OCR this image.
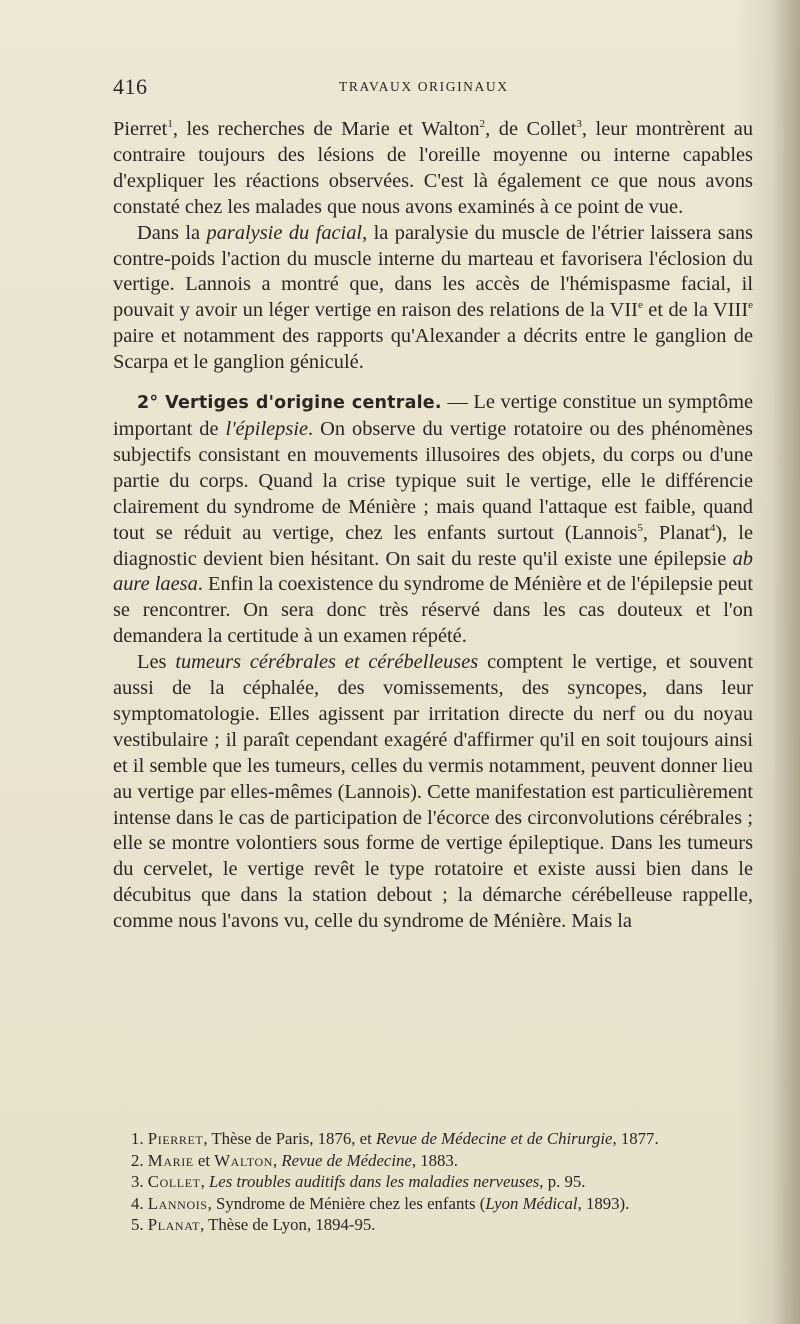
416	TRAVAUX ORIGINAUX

Pierret$^1$, les recherches de Marie et Walton$^2$, de Collet$^3$, leur montrèrent au contraire toujours des lésions de l'oreille moyenne ou interne capables d'expliquer les réactions observées. C'est là également ce que nous avons constaté chez les malades que nous avons examinés à ce point de vue.

Dans la paralysie du facial, la paralysie du muscle de l'étrier laissera sans contre-poids l'action du muscle interne du marteau et favorisera l'éclosion du vertige. Lannois a montré que, dans les accès de l'hémispasme facial, il pouvait y avoir un léger vertige en raison des relations de la VIIe et de la VIIIe paire et notamment des rapports qu'Alexander a décrits entre le ganglion de Scarpa et le ganglion géniculé.

2° Vertiges d'origine centrale. — Le vertige constitue un symptôme important de l'épilepsie. On observe du vertige rotatoire ou des phénomènes subjectifs consistant en mouvements illusoires des objets, du corps ou d'une partie du corps. Quand la crise typique suit le vertige, elle le différencie clairement du syndrome de Ménière ; mais quand l'attaque est faible, quand tout se réduit au vertige, chez les enfants surtout (Lannois$^5$, Planat$^4$), le diagnostic devient bien hésitant. On sait du reste qu'il existe une épilepsie ab aure laesa. Enfin la coexistence du syndrome de Ménière et de l'épilepsie peut se rencontrer. On sera donc très réservé dans les cas douteux et l'on demandera la certitude à un examen répété.

Les tumeurs cérébrales et cérébelleuses comptent le vertige, et souvent aussi de la céphalée, des vomissements, des syncopes, dans leur symptomatologie. Elles agissent par irritation directe du nerf ou du noyau vestibulaire ; il paraît cependant exagéré d'affirmer qu'il en soit toujours ainsi et il semble que les tumeurs, celles du vermis notamment, peuvent donner lieu au vertige par elles-mêmes (Lannois). Cette manifestation est particulièrement intense dans le cas de participation de l'écorce des circonvolutions cérébrales ; elle se montre volontiers sous forme de vertige épileptique. Dans les tumeurs du cervelet, le vertige revêt le type rotatoire et existe aussi bien dans le décubitus que dans la station debout ; la démarche cérébelleuse rappelle, comme nous l'avons vu, celle du syndrome de Ménière. Mais la

1. Pierret, Thèse de Paris, 1876, et Revue de Médecine et de Chirurgie, 1877.

2. Marie et Walton, Revue de Médecine, 1883.

3. Collet, Les troubles auditifs dans les maladies nerveuses, p. 95.

4. Lannois, Syndrome de Ménière chez les enfants (Lyon Médical, 1893).

5. Planat, Thèse de Lyon, 1894-95.
